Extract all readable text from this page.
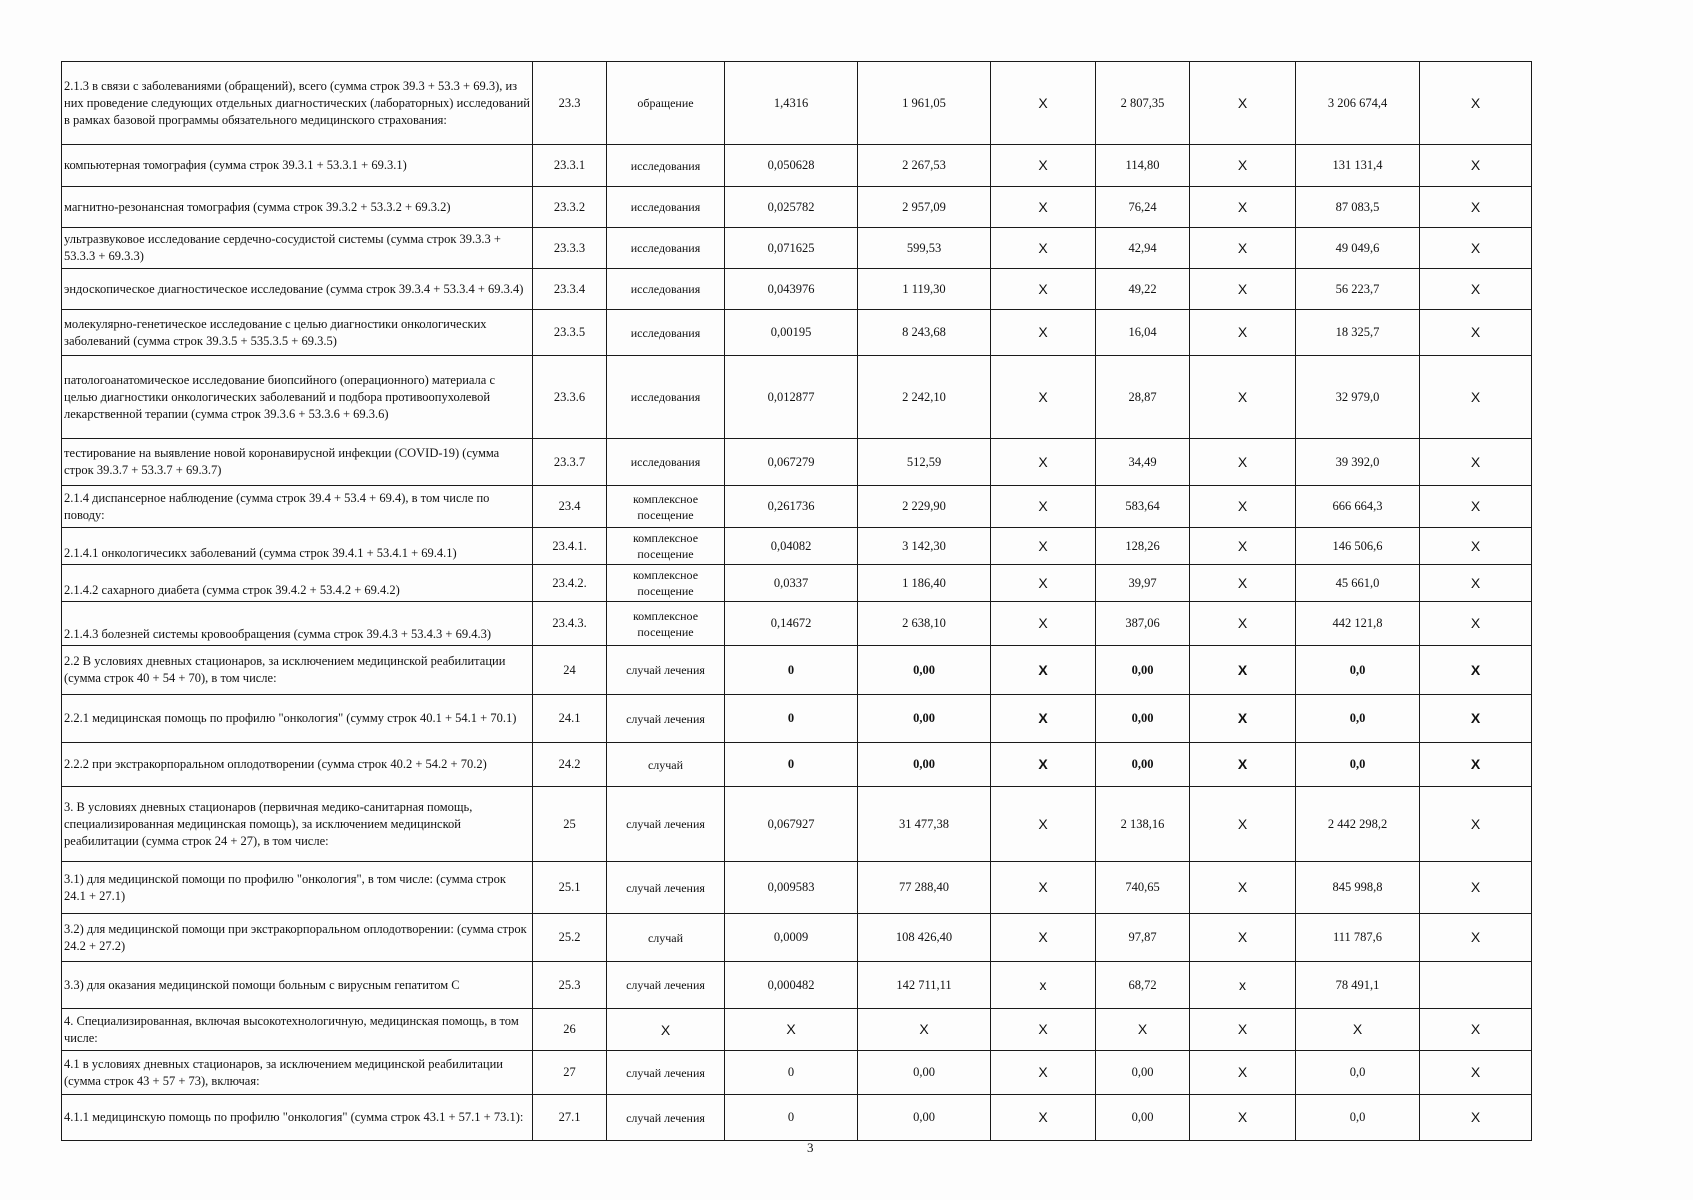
2.1.3 в связи с заболеваниями (обращений), всего (сумма строк 39.3 + 53.3 + 69.3), из них проведение следующих отдельных диагностических (лабораторных) исследований в рамках базовой программы обязательного медицинского страхования:	23.3	обращение	1,4316	1 961,05	X	2 807,35	X	3 206 674,4	X
компьютерная томография (сумма строк 39.3.1 + 53.3.1 + 69.3.1)	23.3.1	исследования	0,050628	2 267,53	X	114,80	X	131 131,4	X
магнитно-резонансная томография (сумма строк 39.3.2 + 53.3.2 + 69.3.2)	23.3.2	исследования	0,025782	2 957,09	X	76,24	X	87 083,5	X
ультразвуковое исследование сердечно-сосудистой системы (сумма строк 39.3.3 + 53.3.3 + 69.3.3)	23.3.3	исследования	0,071625	599,53	X	42,94	X	49 049,6	X
эндоскопическое диагностическое исследование (сумма строк 39.3.4 + 53.3.4 + 69.3.4)	23.3.4	исследования	0,043976	1 119,30	X	49,22	X	56 223,7	X
молекулярно-генетическое исследование с целью диагностики онкологических заболеваний (сумма строк 39.3.5 + 535.3.5 + 69.3.5)	23.3.5	исследования	0,00195	8 243,68	X	16,04	X	18 325,7	X
патологоанатомическое исследование биопсийного (операционного) материала с целью диагностики онкологических заболеваний и подбора противоопухолевой лекарственной терапии (сумма строк 39.3.6 + 53.3.6 + 69.3.6)	23.3.6	исследования	0,012877	2 242,10	X	28,87	X	32 979,0	X
тестирование на выявление новой коронавирусной инфекции (COVID-19) (сумма строк 39.3.7 + 53.3.7 + 69.3.7)	23.3.7	исследования	0,067279	512,59	X	34,49	X	39 392,0	X
2.1.4 диспансерное наблюдение (сумма строк 39.4 + 53.4 + 69.4), в том числе по поводу:	23.4	комплексное посещение	0,261736	2 229,90	X	583,64	X	666 664,3	X
2.1.4.1 онкологичесикх заболеваний (сумма строк 39.4.1 + 53.4.1 + 69.4.1)	23.4.1.	комплексное посещение	0,04082	3 142,30	X	128,26	X	146 506,6	X
2.1.4.2 сахарного диабета (сумма строк 39.4.2 + 53.4.2 + 69.4.2)	23.4.2.	комплексное посещение	0,0337	1 186,40	X	39,97	X	45 661,0	X
2.1.4.3 болезней системы кровообращения (сумма строк 39.4.3 + 53.4.3 + 69.4.3)	23.4.3.	комплексное посещение	0,14672	2 638,10	X	387,06	X	442 121,8	X
2.2 В условиях дневных стационаров, за исключением медицинской реабилитации (сумма строк 40 + 54 + 70), в том числе:	24	случай лечения	0	0,00	X	0,00	X	0,0	X
2.2.1 медицинская помощь по профилю "онкология" (сумму строк 40.1 + 54.1 + 70.1)	24.1	случай лечения	0	0,00	X	0,00	X	0,0	X
2.2.2 при экстракорпоральном оплодотворении (сумма строк 40.2 + 54.2 + 70.2)	24.2	случай	0	0,00	X	0,00	X	0,0	X
3. В условиях дневных стационаров (первичная медико-санитарная помощь, специализированная медицинская помощь), за исключением медицинской реабилитации (сумма строк 24 + 27), в том числе:	25	случай лечения	0,067927	31 477,38	X	2 138,16	X	2 442 298,2	X
3.1) для медицинской помощи по профилю "онкология", в том числе: (сумма строк 24.1 + 27.1)	25.1	случай лечения	0,009583	77 288,40	X	740,65	X	845 998,8	X
3.2) для медицинской помощи при экстракорпоральном оплодотворении: (сумма строк 24.2 + 27.2)	25.2	случай	0,0009	108 426,40	X	97,87	X	111 787,6	X
3.3) для оказания медицинской помощи больным с вирусным гепатитом С	25.3	случай лечения	0,000482	142 711,11	x	68,72	x	78 491,1	
4. Специализированная, включая высокотехнологичную, медицинская помощь, в том числе:	26	X	X	X	X	X	X	X	X
4.1 в условиях дневных стационаров, за исключением медицинской реабилитации (сумма строк 43 + 57 + 73), включая:	27	случай лечения	0	0,00	X	0,00	X	0,0	X
4.1.1 медицинскую помощь по профилю "онкология" (сумма строк 43.1 + 57.1 + 73.1):	27.1	случай лечения	0	0,00	X	0,00	X	0,0	X
3
